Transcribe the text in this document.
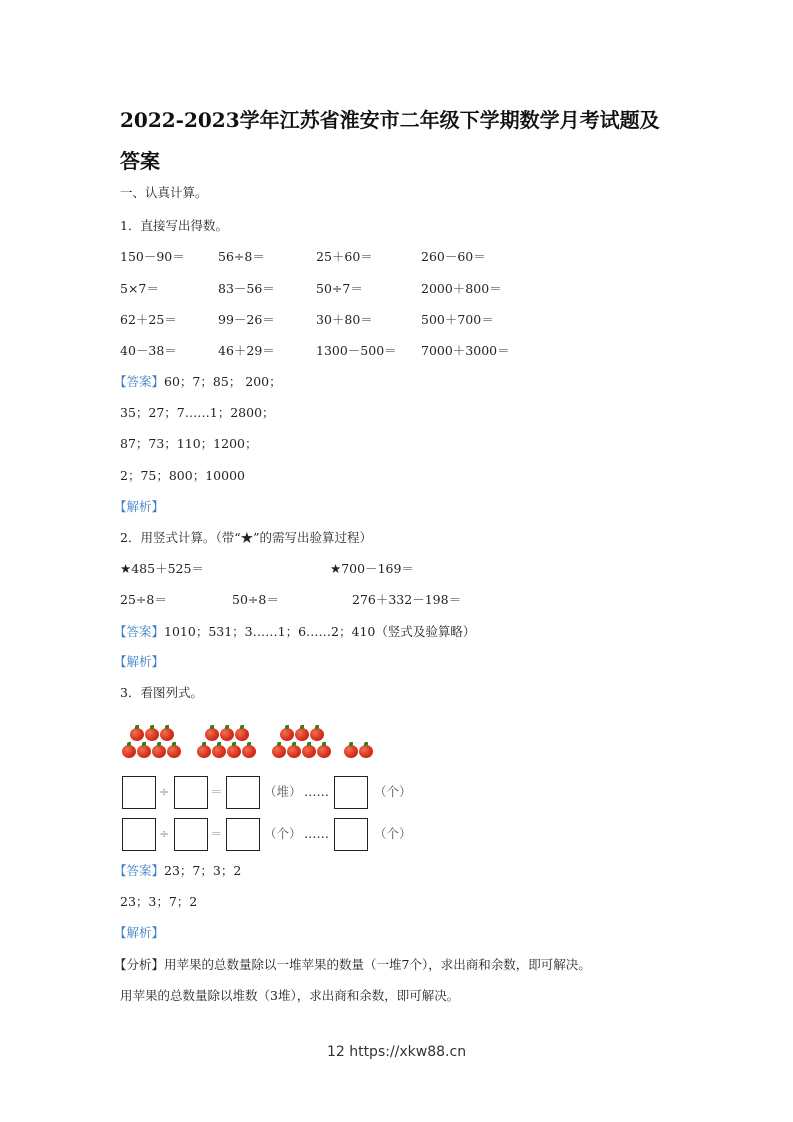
2022-2023学年江苏省淮安市二年级下学期数学月考试题及
答案
一、认真计算。
1．直接写出得数。
150－90＝	56÷8＝	25＋60＝	260－60＝
5×7＝	83－56＝	50÷7＝	2000＋800＝
62＋25＝	99－26＝	30＋80＝	500＋700＝
40－38＝	46＋29＝	1300－500＝ 7000＋3000＝
【答案】60；7；85； 200；
35；27；7……1；2800；
87；73；110；1200；
2；75；800；10000
【解析】
2．用竖式计算。（带“★”的需写出验算过程）
★485＋525＝	★700－169＝
25÷8＝	50÷8＝	276＋332－198＝
【答案】1010；531；3……1；6……2；410（竖式及验算略）
【解析】
3．看图列式。
÷	＝	（堆） ……	（个）
÷	＝	（个） ……	（个）
【答案】23；7；3；2
23；3；7；2
【解析】
【分析】用苹果的总数量除以一堆苹果的数量（一堆7个），求出商和余数，即可解决。
用苹果的总数量除以堆数（3堆），求出商和余数，即可解决。
12 https://xkw88.cn
